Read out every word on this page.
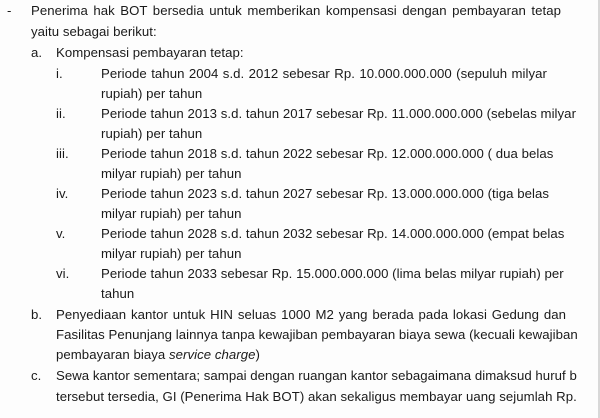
- Penerima hak BOT bersedia untuk memberikan kompensasi dengan pembayaran tetap
yaitu sebagai berikut:
a. Kompensasi pembayaran tetap:
i.	Periode tahun 2004 s.d. 2012 sebesar Rp. 10.000.000.000 (sepuluh milyar
rupiah) per tahun
ii.	Periode tahun 2013 s.d. tahun 2017 sebesar Rp. 11.000.000.000 (sebelas milyar
rupiah) per tahun
iii. Periode tahun 2018 s.d. tahun 2022 sebesar Rp. 12.000.000.000 ( dua belas
milyar rupiah) per tahun
iv. Periode tahun 2023 s.d. tahun 2027 sebesar Rp. 13.000.000.000 (tiga belas
milyar rupiah) per tahun
v.	Periode tahun 2028 s.d. tahun 2032 sebesar Rp. 14.000.000.000 (empat belas
milyar rupiah) per tahun
vi. Periode tahun 2033 sebesar Rp. 15.000.000.000 (lima belas milyar rupiah) per
tahun
b. Penyediaan kantor untuk HIN seluas 1000 M2 yang berada pada lokasi Gedung dan
Fasilitas Penunjang lainnya tanpa kewajiban pembayaran biaya sewa (kecuali kewajiban
pembayaran biaya service charge)
c. Sewa kantor sementara; sampai dengan ruangan kantor sebagaimana dimaksud huruf b
tersebut tersedia, GI (Penerima Hak BOT) akan sekaligus membayar uang sejumlah Rp.
